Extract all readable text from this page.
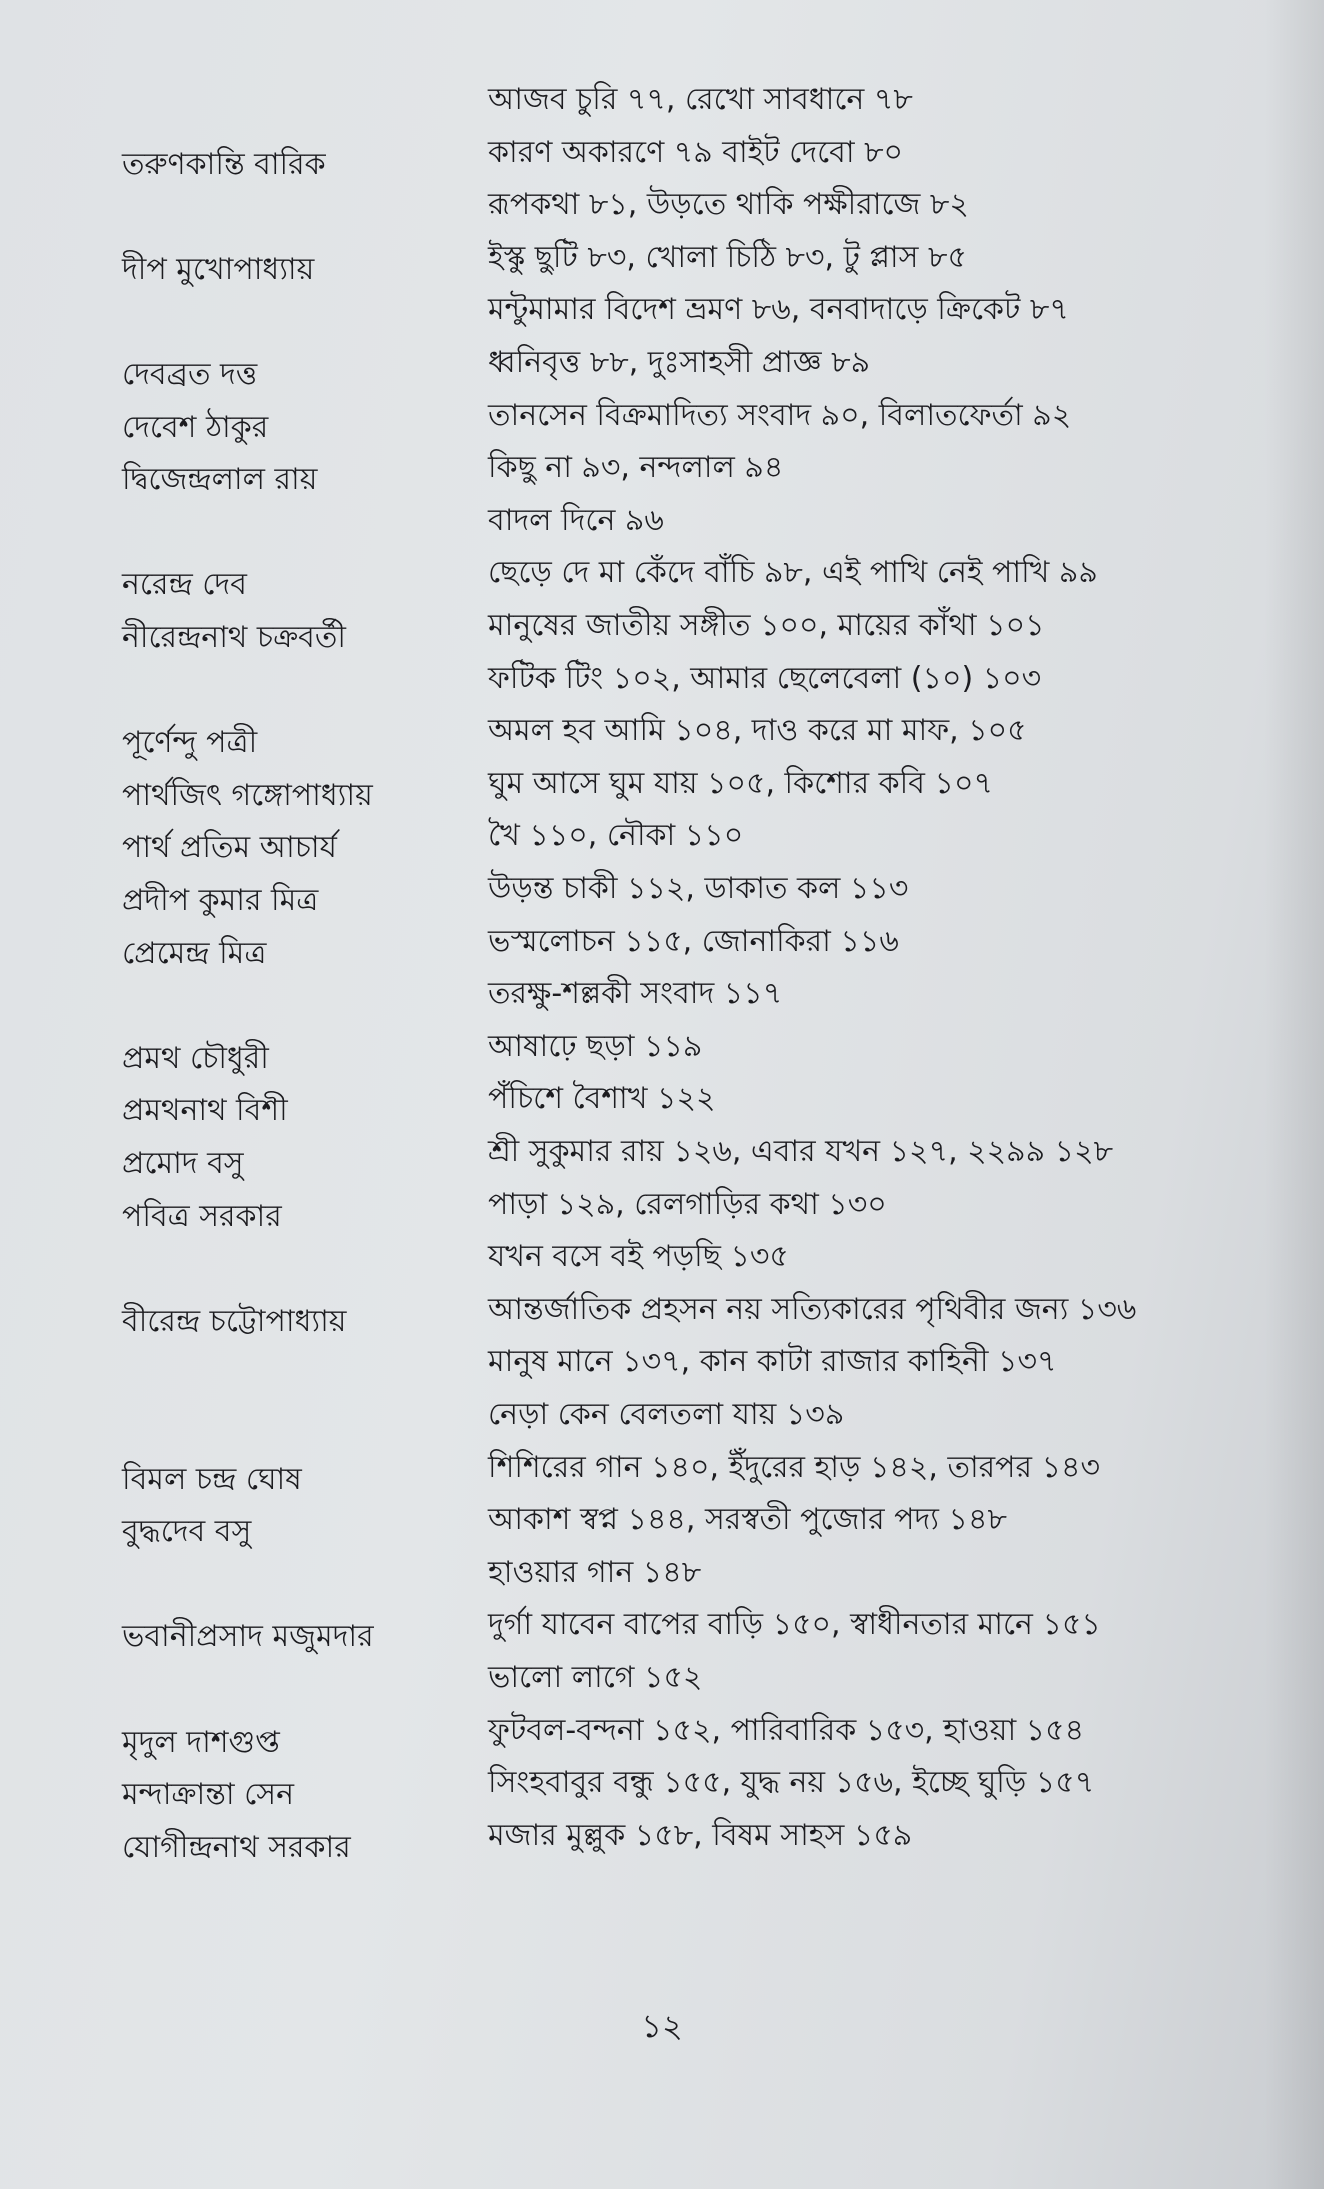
আজব চুরি ৭৭, রেখো সাবধানে ৭৮
তরুণকান্তি বারিক	কারণ অকারণে ৭৯ বাইট দেবো ৮০
রূপকথা ৮১, উড়তে থাকি পক্ষীরাজে ৮২
দীপ মুখোপাধ্যায়	ইস্কু ছুটি ৮৩, খোলা চিঠি ৮৩, টু প্লাস ৮৫
মন্টুমামার বিদেশ ভ্রমণ ৮৬, বনবাদাড়ে ক্রিকেট ৮৭
দেবব্রত দত্ত	ধ্বনিবৃত্ত ৮৮, দুঃসাহসী প্রাজ্ঞ ৮৯
দেবেশ ঠাকুর	তানসেন বিক্রমাদিত্য সংবাদ ৯০, বিলাতফের্তা ৯২
দ্বিজেন্দ্রলাল রায়	কিছু না ৯৩, নন্দলাল ৯৪
বাদল দিনে ৯৬
নরেন্দ্র দেব	ছেড়ে দে মা কেঁদে বাঁচি ৯৮, এই পাখি নেই পাখি ৯৯
নীরেন্দ্রনাথ চক্রবর্তী	মানুষের জাতীয় সঙ্গীত ১০০, মায়ের কাঁথা ১০১
ফটিক টিং ১০২, আমার ছেলেবেলা (১০) ১০৩
পূর্ণেন্দু পত্রী	অমল হব আমি ১০৪, দাও করে মা মাফ, ১০৫
পার্থজিৎ গঙ্গোপাধ্যায়	ঘুম আসে ঘুম যায় ১০৫, কিশোর কবি ১০৭
পার্থ প্রতিম আচার্য	খৈ ১১০, নৌকা ১১০
প্রদীপ কুমার মিত্র	উড়ন্ত চাকী ১১২, ডাকাত কল ১১৩
প্রেমেন্দ্র মিত্র	ভস্মলোচন ১১৫, জোনাকিরা ১১৬
তরক্ষু-শল্লকী সংবাদ ১১৭
প্রমথ চৌধুরী	আষাঢ়ে ছড়া ১১৯
প্রমথনাথ বিশী	পঁচিশে বৈশাখ ১২২
প্রমোদ বসু	শ্রী সুকুমার রায় ১২৬, এবার যখন ১২৭, ২২৯৯ ১২৮
পবিত্র সরকার	পাড়া ১২৯, রেলগাড়ির কথা ১৩০
যখন বসে বই পড়ছি ১৩৫
বীরেন্দ্র চট্টোপাধ্যায়	আন্তর্জাতিক প্রহসন নয় সত্যিকারের পৃথিবীর জন্য ১৩৬
মানুষ মানে ১৩৭, কান কাটা রাজার কাহিনী ১৩৭
নেড়া কেন বেলতলা যায় ১৩৯
বিমল চন্দ্র ঘোষ	শিশিরের গান ১৪০, ইঁদুরের হাড় ১৪২, তারপর ১৪৩
বুদ্ধদেব বসু	আকাশ স্বপ্ন ১৪৪, সরস্বতী পুজোর পদ্য ১৪৮
হাওয়ার গান ১৪৮
ভবানীপ্রসাদ মজুমদার	দুর্গা যাবেন বাপের বাড়ি ১৫০, স্বাধীনতার মানে ১৫১
ভালো লাগে ১৫২
মৃদুল দাশগুপ্ত	ফুটবল-বন্দনা ১৫২, পারিবারিক ১৫৩, হাওয়া ১৫৪
মন্দাক্রান্তা সেন	সিংহবাবুর বন্ধু ১৫৫, যুদ্ধ নয় ১৫৬, ইচ্ছে ঘুড়ি ১৫৭
যোগীন্দ্রনাথ সরকার	মজার মুল্লুক ১৫৮, বিষম সাহস ১৫৯
১২
